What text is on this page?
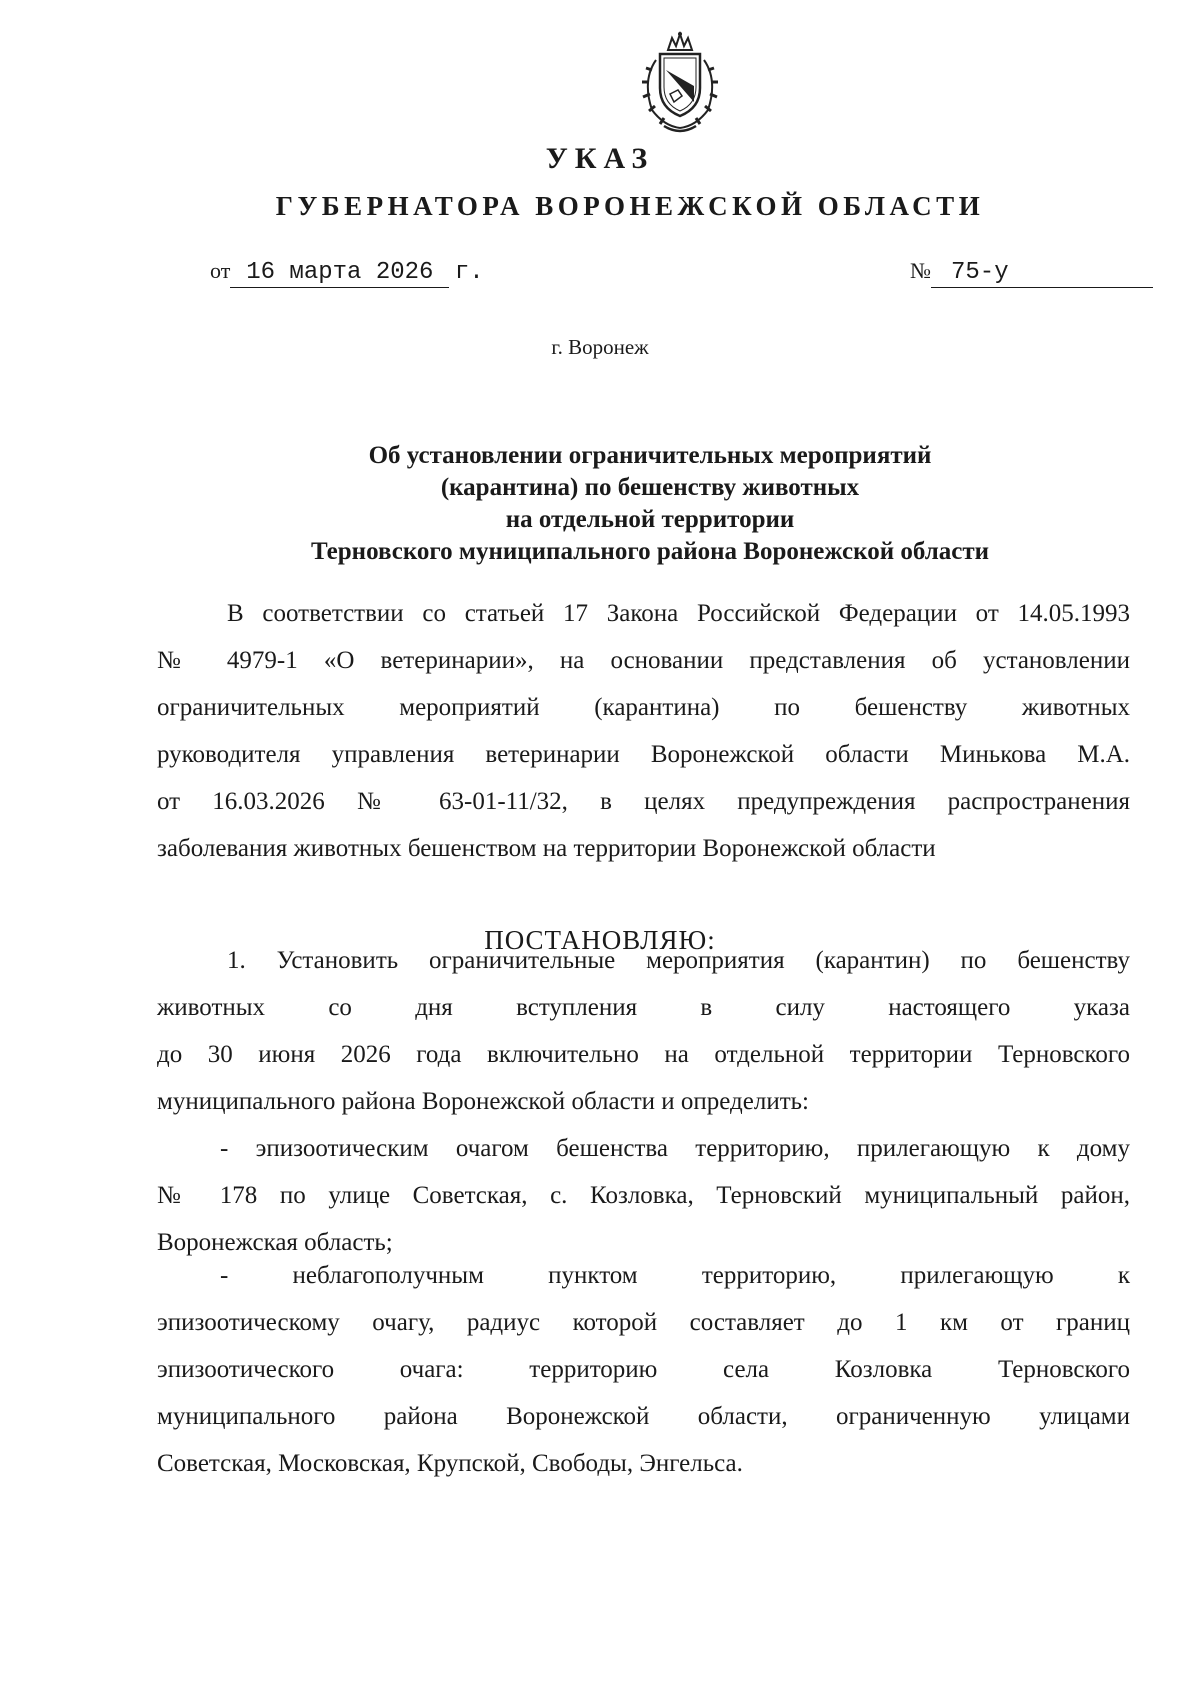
УКАЗ
ГУБЕРНАТОРА ВОРОНЕЖСКОЙ ОБЛАСТИ
от 16 марта 2026 г.	№ 75-у
г. Воронеж
Об установлении ограничительных мероприятий
(карантина) по бешенству животных
на отдельной территории
Терновского муниципального района Воронежской области
В соответствии со статьей 17 Закона Российской Федерации от 14.05.1993
№ 4979-1 «О ветеринарии», на основании представления об установлении
ограничительных мероприятий (карантина) по бешенству животных
руководителя управления ветеринарии Воронежской области Минькова М.А.
от 16.03.2026 № 63-01-11/32, в целях предупреждения распространения
заболевания животных бешенством на территории Воронежской области
ПОСТАНОВЛЯЮ:
1. Установить ограничительные мероприятия (карантин) по бешенству
животных со дня вступления в силу настоящего указа
до 30 июня 2026 года включительно на отдельной территории Терновского
муниципального района Воронежской области и определить:
- эпизоотическим очагом бешенства территорию, прилегающую к дому
№ 178 по улице Советская, с. Козловка, Терновский муниципальный район,
Воронежская область;
- неблагополучным пунктом территорию, прилегающую к
эпизоотическому очагу, радиус которой составляет до 1 км от границ
эпизоотического очага: территорию села Козловка Терновского
муниципального района Воронежской области, ограниченную улицами
Советская, Московская, Крупской, Свободы, Энгельса.
